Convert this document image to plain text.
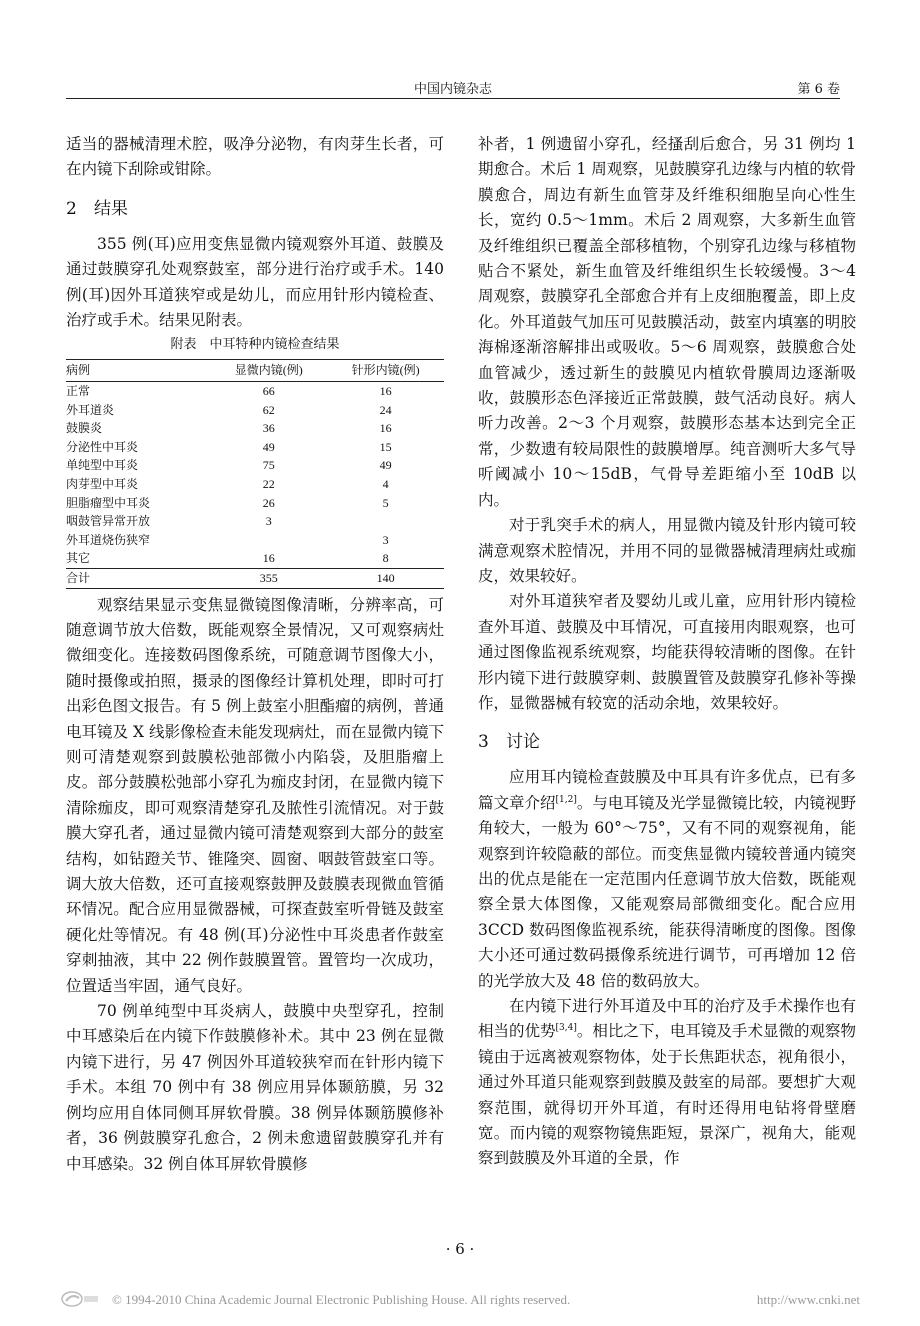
中国内镜杂志	第 6 卷

适当的器械清理术腔，吸净分泌物，有肉芽生长者，可在内镜下刮除或钳除。

2 结果

355 例(耳)应用变焦显微内镜观察外耳道、鼓膜及通过鼓膜穿孔处观察鼓室，部分进行治疗或手术。140 例(耳)因外耳道狭窄或是幼儿，而应用针形内镜检查、治疗或手术。结果见附表。

附表　中耳特种内镜检查结果
病例	显微内镜(例)	针形内镜(例)
正常	66	16
外耳道炎	62	24
鼓膜炎	36	16
分泌性中耳炎	49	15
单纯型中耳炎	75	49
肉芽型中耳炎	22	4
胆脂瘤型中耳炎	26	5
咽鼓管异常开放	3	
外耳道烧伤狭窄		3
其它	16	8
合计	355	140

观察结果显示变焦显微镜图像清晰，分辨率高，可随意调节放大倍数，既能观察全景情况，又可观察病灶微细变化。连接数码图像系统，可随意调节图像大小，随时摄像或拍照，摄录的图像经计算机处理，即时可打出彩色图文报告。有 5 例上鼓室小胆酯瘤的病例，普通电耳镜及 X 线影像检查未能发现病灶，而在显微内镜下则可清楚观察到鼓膜松弛部微小内陷袋，及胆脂瘤上皮。部分鼓膜松弛部小穿孔为痂皮封闭，在显微内镜下清除痂皮，即可观察清楚穿孔及脓性引流情况。对于鼓膜大穿孔者，通过显微内镜可清楚观察到大部分的鼓室结构，如钻蹬关节、锥隆突、圆窗、咽鼓管鼓室口等。调大放大倍数，还可直接观察鼓胛及鼓膜表现微血管循环情况。配合应用显微器械，可探查鼓室听骨链及鼓室硬化灶等情况。有 48 例(耳)分泌性中耳炎患者作鼓室穿刺抽液，其中 22 例作鼓膜置管。置管均一次成功，位置适当牢固，通气良好。

70 例单纯型中耳炎病人，鼓膜中央型穿孔，控制中耳感染后在内镜下作鼓膜修补术。其中 23 例在显微内镜下进行，另 47 例因外耳道较狭窄而在针形内镜下手术。本组 70 例中有 38 例应用异体颞筋膜，另 32 例均应用自体同侧耳屏软骨膜。38 例异体颞筋膜修补者，36 例鼓膜穿孔愈合，2 例未愈遗留鼓膜穿孔并有中耳感染。32 例自体耳屏软骨膜修

补者，1 例遗留小穿孔，经搔刮后愈合，另 31 例均 1 期愈合。术后 1 周观察，见鼓膜穿孔边缘与内植的软骨膜愈合，周边有新生血管芽及纤维积细胞呈向心性生长，宽约 0.5～1mm。术后 2 周观察，大多新生血管及纤维组织已覆盖全部移植物，个别穿孔边缘与移植物贴合不紧处，新生血管及纤维组织生长较缓慢。3～4 周观察，鼓膜穿孔全部愈合并有上皮细胞覆盖，即上皮化。外耳道鼓气加压可见鼓膜活动，鼓室内填塞的明胶海棉逐渐溶解排出或吸收。5～6 周观察，鼓膜愈合处血管减少，透过新生的鼓膜见内植软骨膜周边逐渐吸收，鼓膜形态色泽接近正常鼓膜，鼓气活动良好。病人听力改善。2～3 个月观察，鼓膜形态基本达到完全正常，少数遗有较局限性的鼓膜增厚。纯音测听大多气导听阈减小 10～15dB，气骨导差距缩小至 10dB 以内。

对于乳突手术的病人，用显微内镜及针形内镜可较满意观察术腔情况，并用不同的显微器械清理病灶或痂皮，效果较好。

对外耳道狭窄者及婴幼儿或儿童，应用针形内镜检查外耳道、鼓膜及中耳情况，可直接用肉眼观察，也可通过图像监视系统观察，均能获得较清晰的图像。在针形内镜下进行鼓膜穿刺、鼓膜置管及鼓膜穿孔修补等操作，显微器械有较宽的活动余地，效果较好。

3 讨论

应用耳内镜检查鼓膜及中耳具有许多优点，已有多篇文章介绍[1,2]。与电耳镜及光学显微镜比较，内镜视野角较大，一般为 60°～75°，又有不同的观察视角，能观察到许较隐蔽的部位。而变焦显微内镜较普通内镜突出的优点是能在一定范围内任意调节放大倍数，既能观察全景大体图像，又能观察局部微细变化。配合应用 3CCD 数码图像监视系统，能获得清晰度的图像。图像大小还可通过数码摄像系统进行调节，可再增加 12 倍的光学放大及 48 倍的数码放大。

在内镜下进行外耳道及中耳的治疗及手术操作也有相当的优势[3,4]。相比之下，电耳镜及手术显微的观察物镜由于远离被观察物体，处于长焦距状态，视角很小，通过外耳道只能观察到鼓膜及鼓室的局部。要想扩大观察范围，就得切开外耳道，有时还得用电钻将骨壁磨宽。而内镜的观察物镜焦距短，景深广，视角大，能观察到鼓膜及外耳道的全景，作

· 6 ·
© 1994-2010 China Academic Journal Electronic Publishing House. All rights reserved.	http://www.cnki.net
